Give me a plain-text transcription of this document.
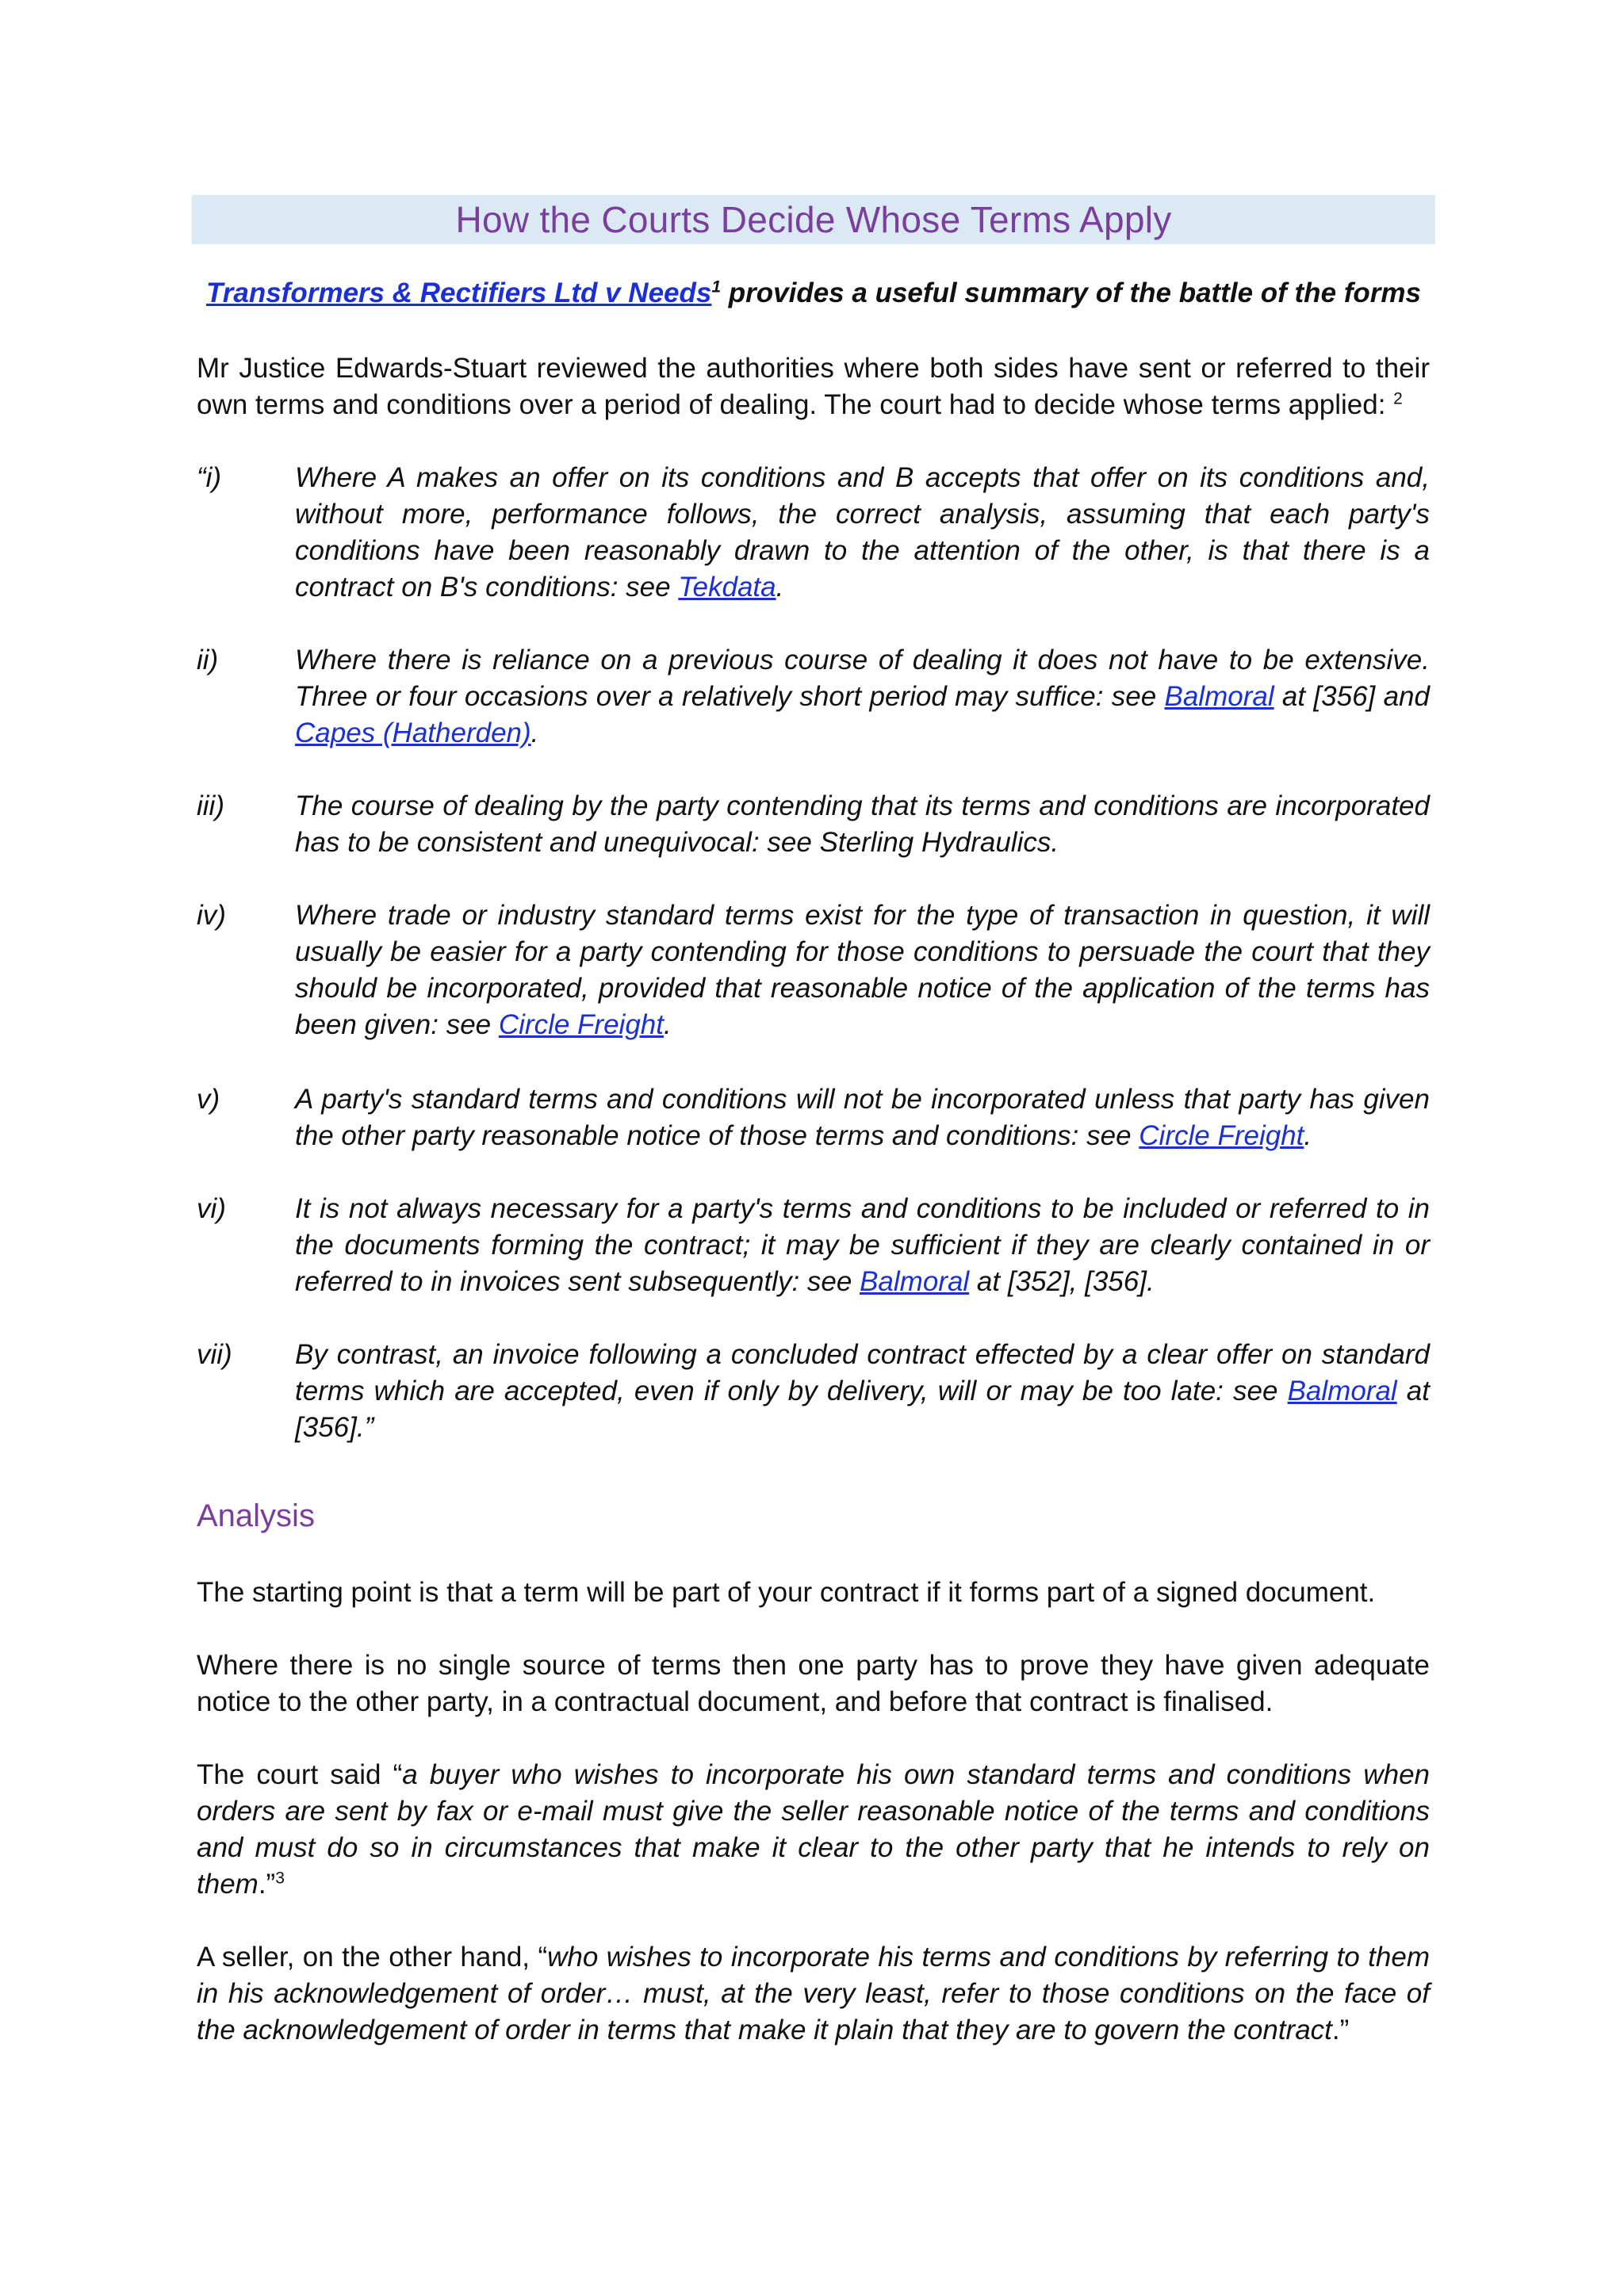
How the Courts Decide Whose Terms Apply
Transformers & Rectifiers Ltd v Needs$^1$ provides a useful summary of the battle of the forms
Mr Justice Edwards-Stuart reviewed the authorities where both sides have sent or referred to their own terms and conditions over a period of dealing. The court had to decide whose terms applied: $^2$
“i)	Where A makes an offer on its conditions and B accepts that offer on its conditions and, without more, performance follows, the correct analysis, assuming that each party's conditions have been reasonably drawn to the attention of the other, is that there is a contract on B's conditions: see Tekdata.
ii)	Where there is reliance on a previous course of dealing it does not have to be extensive. Three or four occasions over a relatively short period may suffice: see Balmoral at [356] and Capes (Hatherden).
iii)	The course of dealing by the party contending that its terms and conditions are incorporated has to be consistent and unequivocal: see Sterling Hydraulics.
iv)	Where trade or industry standard terms exist for the type of transaction in question, it will usually be easier for a party contending for those conditions to persuade the court that they should be incorporated, provided that reasonable notice of the application of the terms has been given: see Circle Freight.
v)	A party's standard terms and conditions will not be incorporated unless that party has given the other party reasonable notice of those terms and conditions: see Circle Freight.
vi)	It is not always necessary for a party's terms and conditions to be included or referred to in the documents forming the contract; it may be sufficient if they are clearly contained in or referred to in invoices sent subsequently: see Balmoral at [352], [356].
vii)	By contrast, an invoice following a concluded contract effected by a clear offer on standard terms which are accepted, even if only by delivery, will or may be too late: see Balmoral at [356].”
Analysis
The starting point is that a term will be part of your contract if it forms part of a signed document.
Where there is no single source of terms then one party has to prove they have given adequate notice to the other party, in a contractual document, and before that contract is finalised.
The court said “a buyer who wishes to incorporate his own standard terms and conditions when orders are sent by fax or e-mail must give the seller reasonable notice of the terms and conditions and must do so in circumstances that make it clear to the other party that he intends to rely on them.”$^3$
A seller, on the other hand, “who wishes to incorporate his terms and conditions by referring to them in his acknowledgement of order… must, at the very least, refer to those conditions on the face of the acknowledgement of order in terms that make it plain that they are to govern the contract.”
